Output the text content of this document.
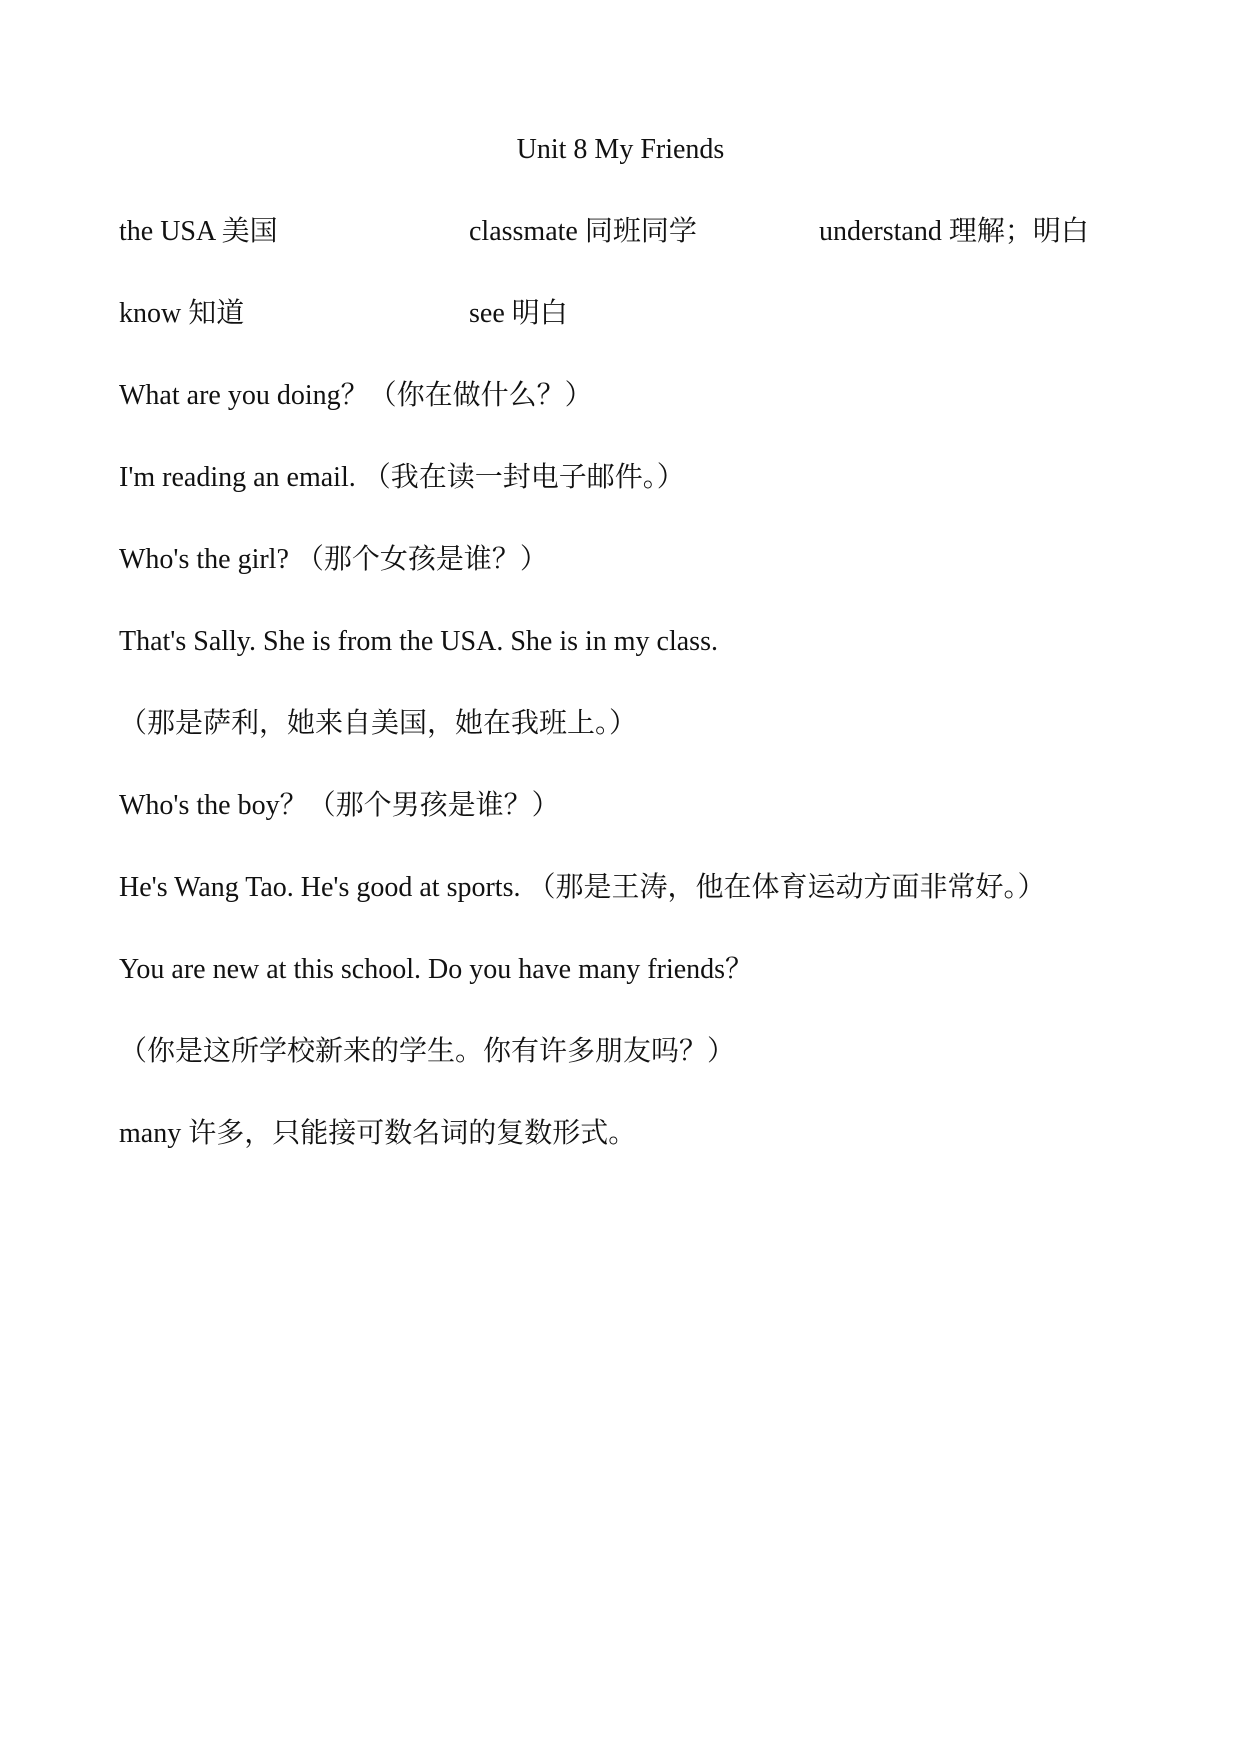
Unit 8 My Friends
the USA 美国	classmate 同班同学	understand 理解；明白
know 知道	see 明白
What are you doing？（你在做什么？）
I'm reading an email. （我在读一封电子邮件。）
Who's the girl? （那个女孩是谁？）
That's Sally. She is from the USA. She is in my class.
（那是萨利，她来自美国，她在我班上。）
Who's the boy？（那个男孩是谁？）
He's Wang Tao. He's good at sports. （那是王涛，他在体育运动方面非常好。）
You are new at this school. Do you have many friends？
（你是这所学校新来的学生。你有许多朋友吗？）
many 许多，只能接可数名词的复数形式。
